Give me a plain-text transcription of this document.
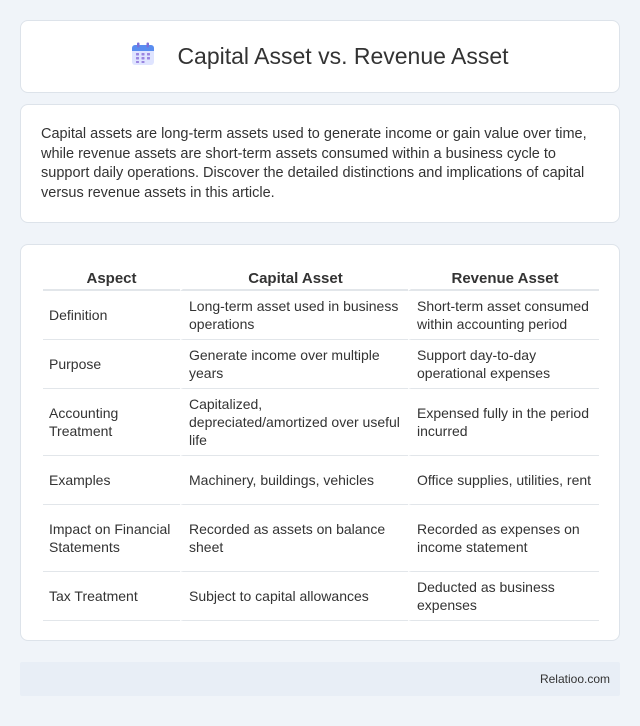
Capital Asset vs. Revenue Asset

Capital assets are long-term assets used to generate income or gain value over time, while revenue assets are short-term assets consumed within a business cycle to support daily operations. Discover the detailed distinctions and implications of capital versus revenue assets in this article.

Aspect	Capital Asset	Revenue Asset
Definition	Long-term asset used in business operations	Short-term asset consumed within accounting period
Purpose	Generate income over multiple years	Support day-to-day operational expenses
Accounting Treatment	Capitalized, depreciated/amortized over useful life	Expensed fully in the period incurred
Examples	Machinery, buildings, vehicles	Office supplies, utilities, rent
Impact on Financial Statements	Recorded as assets on balance sheet	Recorded as expenses on income statement
Tax Treatment	Subject to capital allowances	Deducted as business expenses
Relatioo.com
